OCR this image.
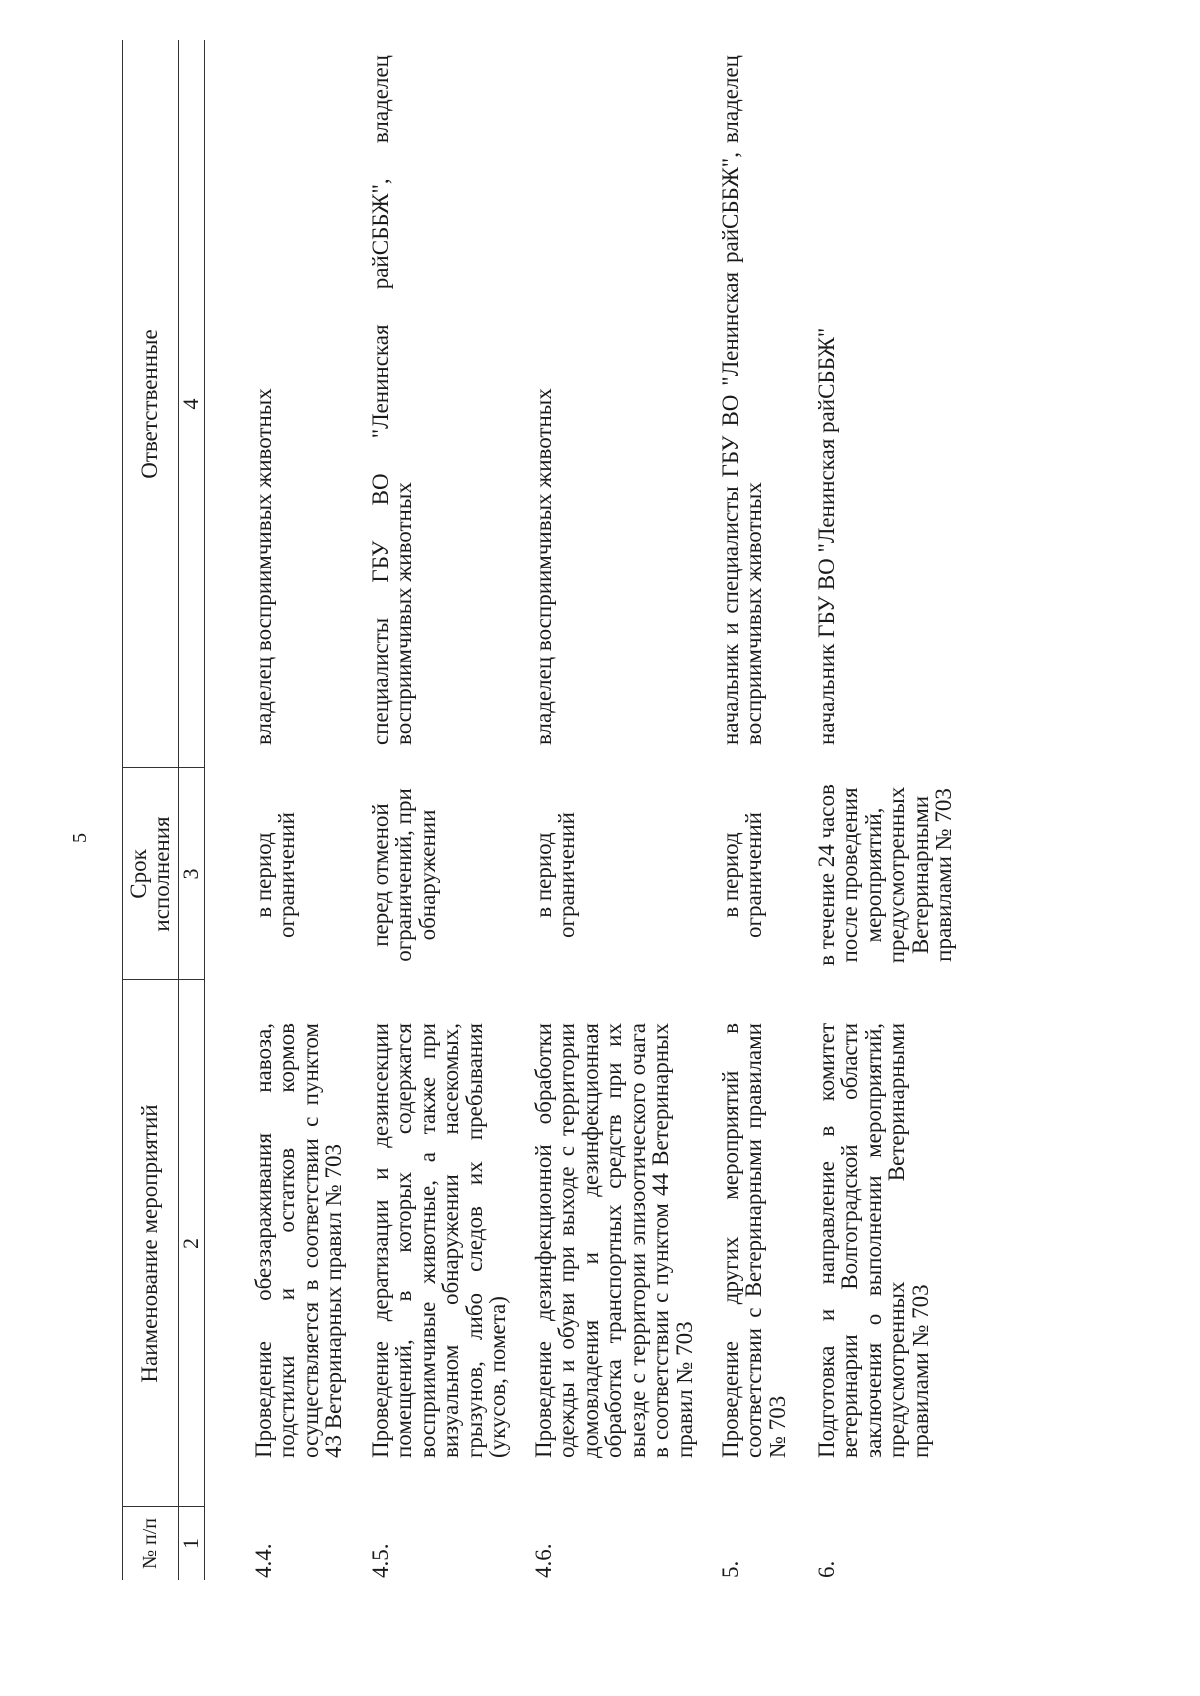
5
№ п/п
Наименование мероприятий
Срок исполнения
Ответственные
1
2
3
4
4.4.
Проведение обеззараживания навоза, подстилки и остатков кормов осуществляется в соответствии с пунктом 43 Ветеринарных правил № 703
в период ограничений
владелец восприимчивых животных
4.5.
Проведение дератизации и дезинсекции помещений, в которых содержатся восприимчивые животные, а также при визуальном обнаружении насекомых, грызунов, либо следов их пребывания (укусов, помета)
перед отменой ограничений, при обнаружении
специалисты ГБУ ВО "Ленинская райСББЖ", владелец восприимчивых животных
4.6.
Проведение дезинфекционной обработки одежды и обуви при выходе с территории домовладения и дезинфекционная обработка транспортных средств при их выезде с территории эпизоотического очага в соответствии с пунктом 44 Ветеринарных правил № 703
в период ограничений
владелец восприимчивых животных
5.
Проведение других мероприятий в соответствии с Ветеринарными правилами № 703
в период ограничений
начальник и специалисты ГБУ ВО "Ленинская райСББЖ", владелец восприимчивых животных
6.
Подготовка и направление в комитет ветеринарии Волгоградской области заключения о выполнении мероприятий, предусмотренных Ветеринарными правилами № 703
в течение 24 часов после проведения мероприятий, предусмотренных Ветеринарными правилами № 703
начальник ГБУ ВО "Ленинская райСББЖ"
